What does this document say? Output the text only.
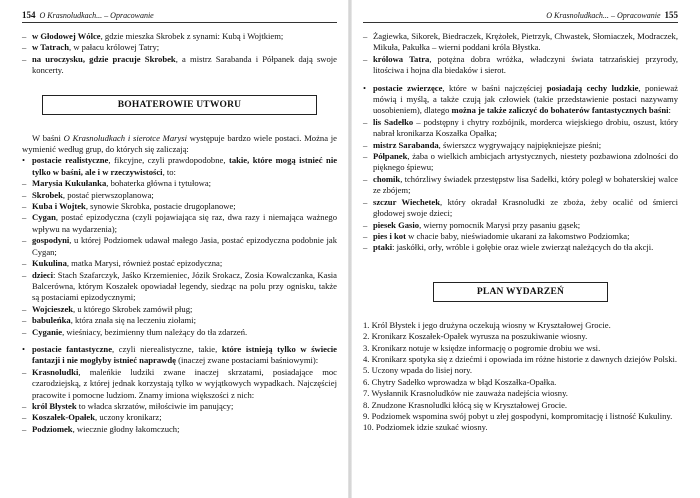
154 O Krasnoludkach... – Opracowanie

– w Głodowej Wólce, gdzie mieszka Skrobek z synami: Kubą i Wojtkiem;

– w Tatrach, w pałacu królowej Tatry;

– na uroczysku, gdzie pracuje Skrobek, a mistrz Sarabanda i Półpanek dają swoje koncerty.

BOHATEROWIE UTWORU

W baśni O Krasnoludkach i sierotce Marysi występuje bardzo wiele postaci. Można je wymienić według grup, do których się zaliczają:

• postacie realistyczne, fikcyjne, czyli prawdopodobne, takie, które mogą istnieć nie tylko w baśni, ale i w rzeczywistości, to:

– Marysia Kukułanka, bohaterka główna i tytułowa;

– Skrobek, postać pierwszoplanowa;

– Kuba i Wojtek, synowie Skrobka, postacie drugoplanowe;

– Cygan, postać epizodyczna (czyli pojawiająca się raz, dwa razy i niemająca ważnego wpływu na wydarzenia);

– gospodyni, u której Podziomek udawał małego Jasia, postać epizodyczna podobnie jak Cygan;

– Kukulina, matka Marysi, również postać epizodyczna;

– dzieci: Stach Szafarczyk, Jaśko Krzemieniec, Józik Srokacz, Zosia Kowalczanka, Kasia Balcerówna, którym Koszałek opowiadał legendy, siedząc na polu przy ognisku, także są postaciami epizodycznymi;

– Wojcieszek, u którego Skrobek zamówił pług;

– babuleńka, która znała się na leczeniu ziołami;

– Cyganie, wieśniacy, bezimienny tłum należący do tła zdarzeń.

• postacie fantastyczne, czyli nierealistyczne, takie, które istnieją tylko w świecie fantazji i nie mogłyby istnieć naprawdę (inaczej zwane postaciami baśniowymi):

– Krasnoludki, maleńkie ludziki zwane inaczej skrzatami, posiadające moc czarodziejską, z której jednak korzystają tylko w wyjątkowych wypadkach. Najczęściej pracowite i pomocne ludziom. Znamy imiona większości z nich:

– król Błystek to władca skrzatów, miłościwie im panujący;

– Koszałek-Opałek, uczony kronikarz;

– Podziomek, wiecznie głodny łakomczuch;

O Krasnoludkach... – Opracowanie 155

– Żagiewka, Sikorek, Biedraczek, Krężołek, Pietrzyk, Chwastek, Słomiaczek, Modraczek, Mikuła, Pakułka – wierni poddani króla Błystka.

– królowa Tatra, potężna dobra wróżka, władczyni świata tatrzańskiej przyrody, litościwa i hojna dla biedaków i sierot.

• postacie zwierzęce, które w baśni najczęściej posiadają cechy ludzkie, ponieważ mówią i myślą, a także czują jak człowiek (takie przedstawienie postaci nazywamy uosobieniem), dlatego można je także zaliczyć do bohaterów fantastycznych baśni:

– lis Sadełko – podstępny i chytry rozbójnik, morderca wiejskiego drobiu, oszust, który nabrał kronikarza Koszałka Opałka;

– mistrz Sarabanda, świerszcz wygrywający najpiękniejsze pieśni;

– Półpanek, żaba o wielkich ambicjach artystycznych, niestety pozbawiona zdolności do pięknego śpiewu;

– chomik, tchórzliwy świadek przestępstw lisa Sadełki, który poległ w bohaterskiej walce ze zbójem;

– szczur Wiechetek, który okradał Krasnoludki ze zboża, żeby ocalić od śmierci głodowej swoje dzieci;

– piesek Gasio, wierny pomocnik Marysi przy pasaniu gąsek;

– pies i kot w chacie baby, nieświadomie ukarani za łakomstwo Podziomka;

– ptaki: jaskółki, orły, wróble i gołębie oraz wiele zwierząt należących do tła akcji.

PLAN WYDARZEŃ
1. Król Błystek i jego drużyna oczekują wiosny w Kryształowej Grocie.
2. Kronikarz Koszałek-Opałek wyrusza na poszukiwanie wiosny.
3. Kronikarz notuje w księdze informację o pogromie drobiu we wsi.
4. Kronikarz spotyka się z dziećmi i opowiada im różne historie z dawnych dziejów Polski.
5. Uczony wpada do lisiej nory.
6. Chytry Sadełko wprowadza w błąd Koszałka-Opałka.
7. Wysłannik Krasnoludków nie zauważa nadejścia wiosny.
8. Znudzone Krasnoludki kłócą się w Kryształowej Grocie.
9. Podziomek wspomina swój pobyt u złej gospodyni, kompromitację i listność Kukuliny.
10. Podziomek idzie szukać wiosny.
